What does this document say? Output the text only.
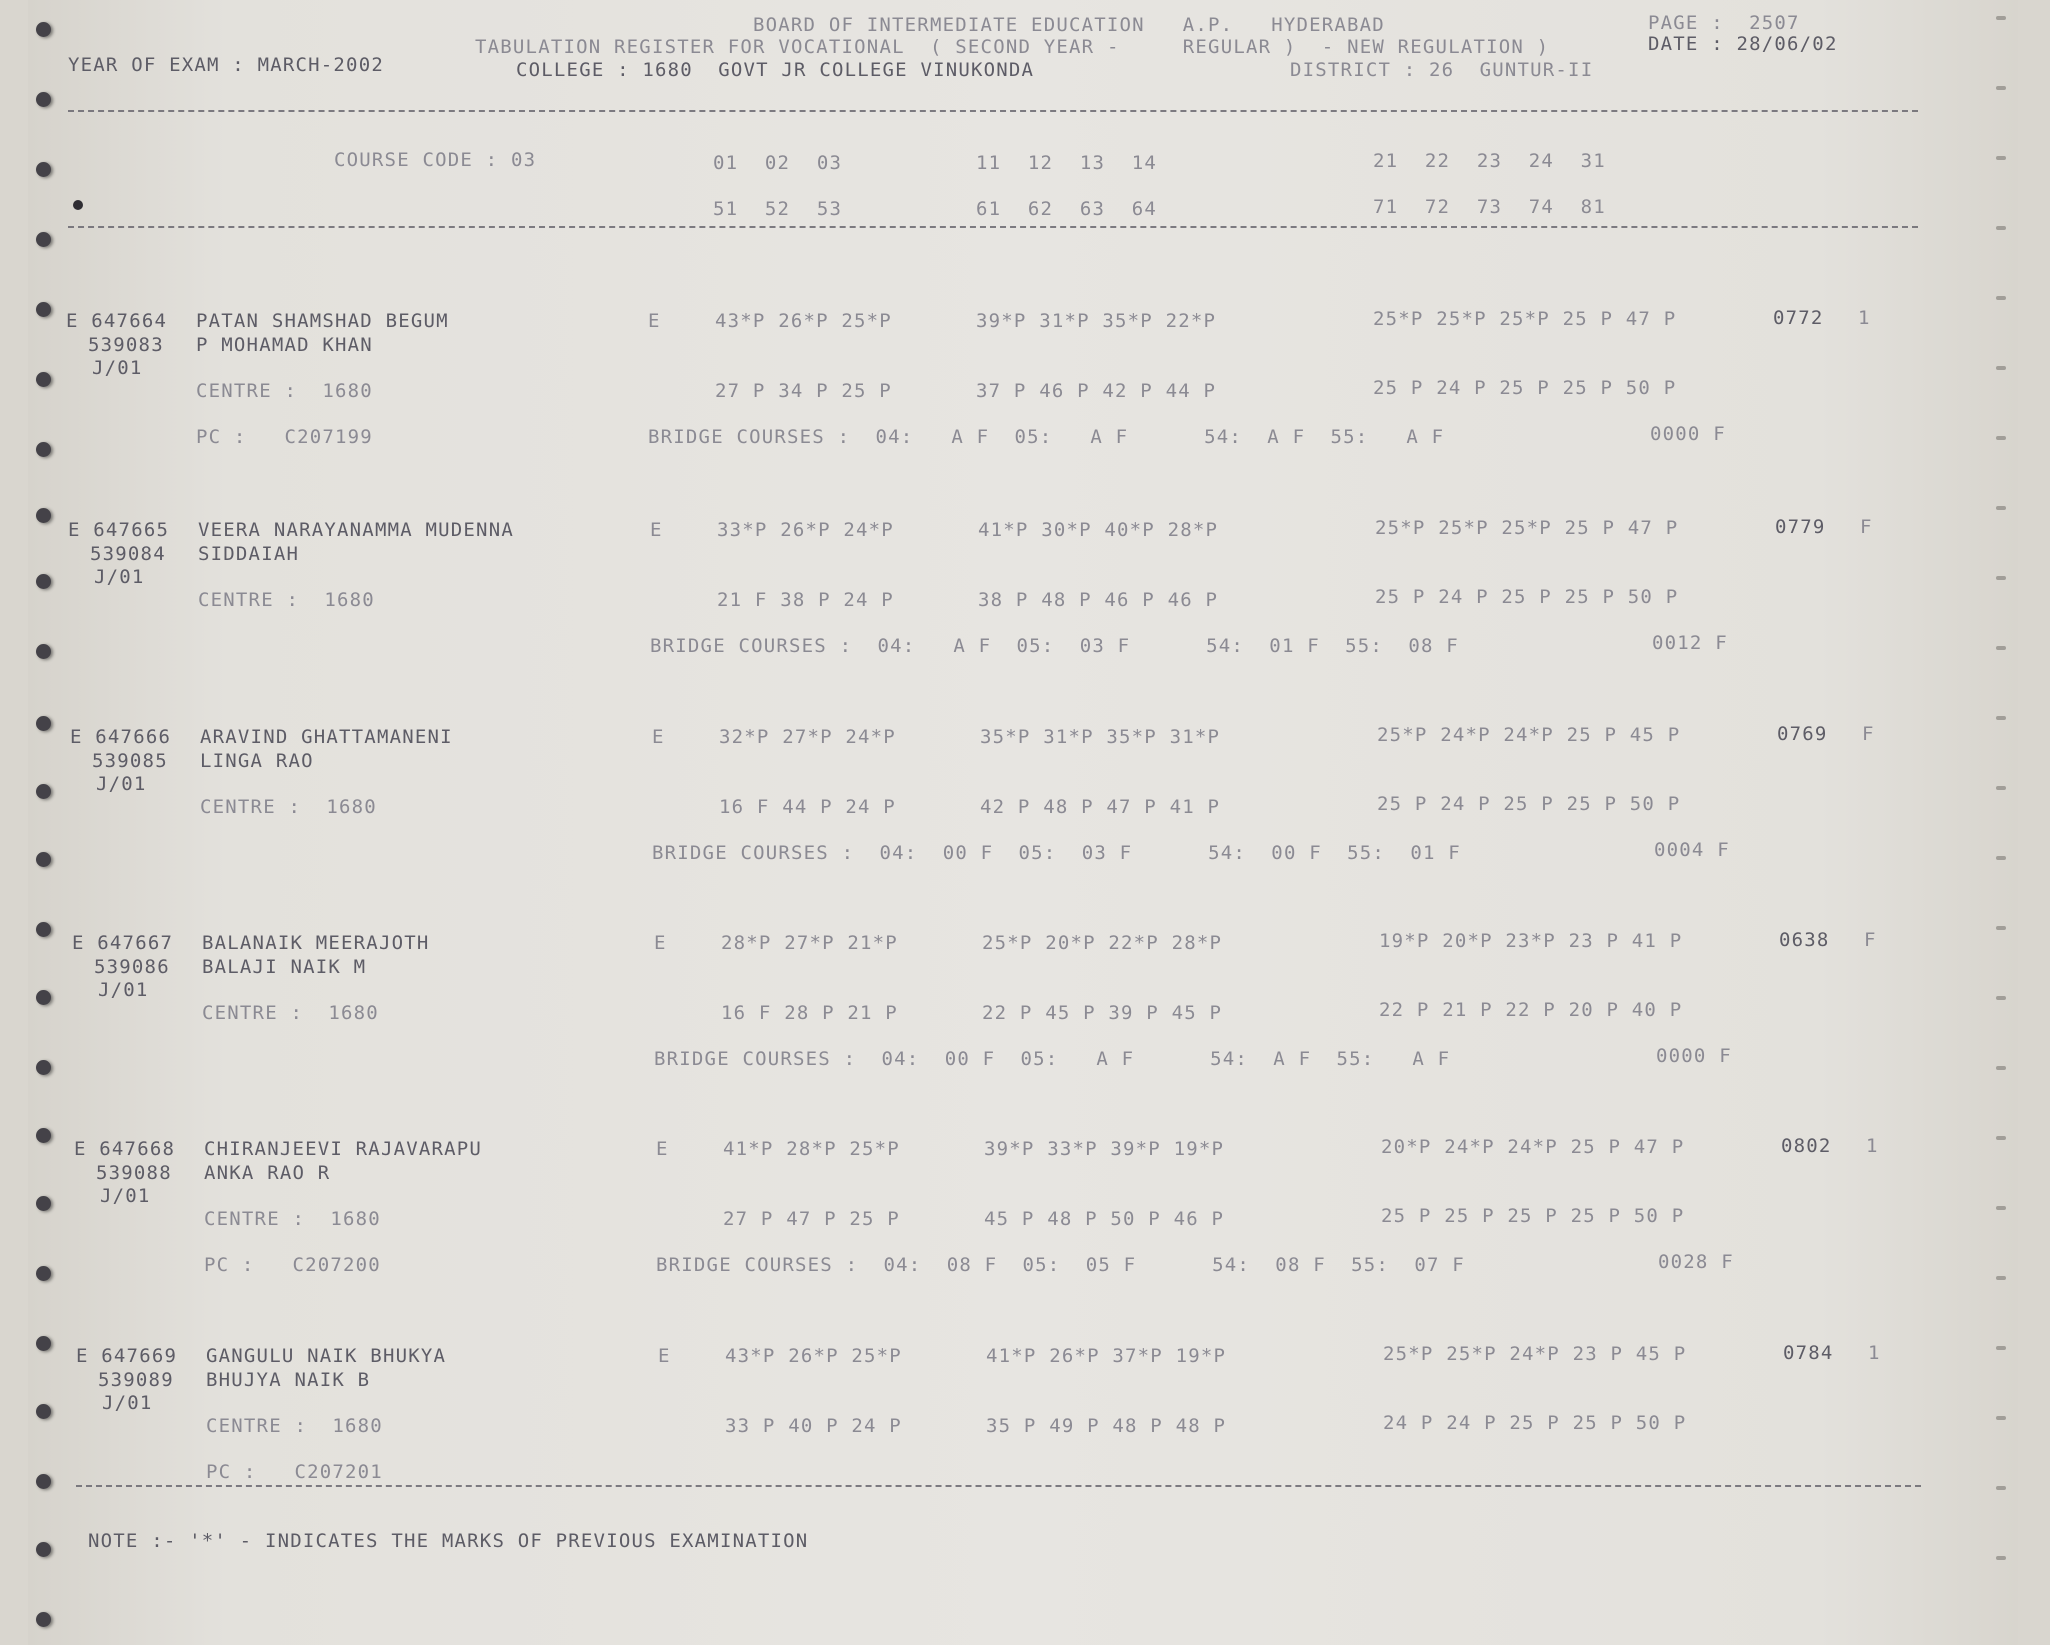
BOARD OF INTERMEDIATE EDUCATION   A.P.   HYDERABAD
TABULATION REGISTER FOR VOCATIONAL  ( SECOND YEAR -     REGULAR )  - NEW REGULATION )
YEAR OF EXAM : MARCH-2002	COLLEGE : 1680  GOVT JR COLLEGE VINUKONDA	DISTRICT : 26  GUNTUR-II
PAGE :  2507
DATE : 28/06/02
COURSE CODE : 03	01 02 03	11 12 13 14	21 22 23 24 31
51 52 53	61 62 63 64	71 72 73 74 81
E 647664 PATAN SHAMSHAD BEGUM
539083 P MOHAMAD KHAN
J/01
E	43*P 26*P 25*P	39*P 31*P 35*P 22*P	25*P 25*P 25*P 25 P 47 P	0772 1
CENTRE :  1680	27 P 34 P 25 P	37 P 46 P 42 P 44 P	25 P 24 P 25 P 25 P 50 P
PC :   C207199	BRIDGE COURSES :  04:   A F  05:   A F      54:  A F  55:   A F	0000 F
E 647665 VEERA NARAYANAMMA MUDENNA
539084 SIDDAIAH
J/01
E	33*P 26*P 24*P	41*P 30*P 40*P 28*P	25*P 25*P 25*P 25 P 47 P	0779 F
CENTRE :  1680	21 F 38 P 24 P	38 P 48 P 46 P 46 P	25 P 24 P 25 P 25 P 50 P
BRIDGE COURSES :  04:   A F  05:  03 F      54:  01 F  55:  08 F	0012 F
E 647666 ARAVIND GHATTAMANENI
539085 LINGA RAO
J/01
E	32*P 27*P 24*P	35*P 31*P 35*P 31*P	25*P 24*P 24*P 25 P 45 P	0769 F
CENTRE :  1680	16 F 44 P 24 P	42 P 48 P 47 P 41 P	25 P 24 P 25 P 25 P 50 P
BRIDGE COURSES :  04:  00 F  05:  03 F      54:  00 F  55:  01 F	0004 F
E 647667 BALANAIK MEERAJOTH
539086 BALAJI NAIK M
J/01
E	28*P 27*P 21*P	25*P 20*P 22*P 28*P	19*P 20*P 23*P 23 P 41 P	0638 F
CENTRE :  1680	16 F 28 P 21 P	22 P 45 P 39 P 45 P	22 P 21 P 22 P 20 P 40 P
BRIDGE COURSES :  04:  00 F  05:   A F      54:  A F  55:   A F	0000 F
E 647668 CHIRANJEEVI RAJAVARAPU
539088 ANKA RAO R
J/01
E	41*P 28*P 25*P	39*P 33*P 39*P 19*P	20*P 24*P 24*P 25 P 47 P	0802 1
CENTRE :  1680	27 P 47 P 25 P	45 P 48 P 50 P 46 P	25 P 25 P 25 P 25 P 50 P
PC :   C207200	BRIDGE COURSES :  04:  08 F  05:  05 F      54:  08 F  55:  07 F	0028 F
E 647669 GANGULU NAIK BHUKYA
539089 BHUJYA NAIK B
J/01
E	43*P 26*P 25*P	41*P 26*P 37*P 19*P	25*P 25*P 24*P 23 P 45 P	0784 1
CENTRE :  1680	33 P 40 P 24 P	35 P 49 P 48 P 48 P	24 P 24 P 25 P 25 P 50 P
PC :   C207201
NOTE :- '*' - INDICATES THE MARKS OF PREVIOUS EXAMINATION
